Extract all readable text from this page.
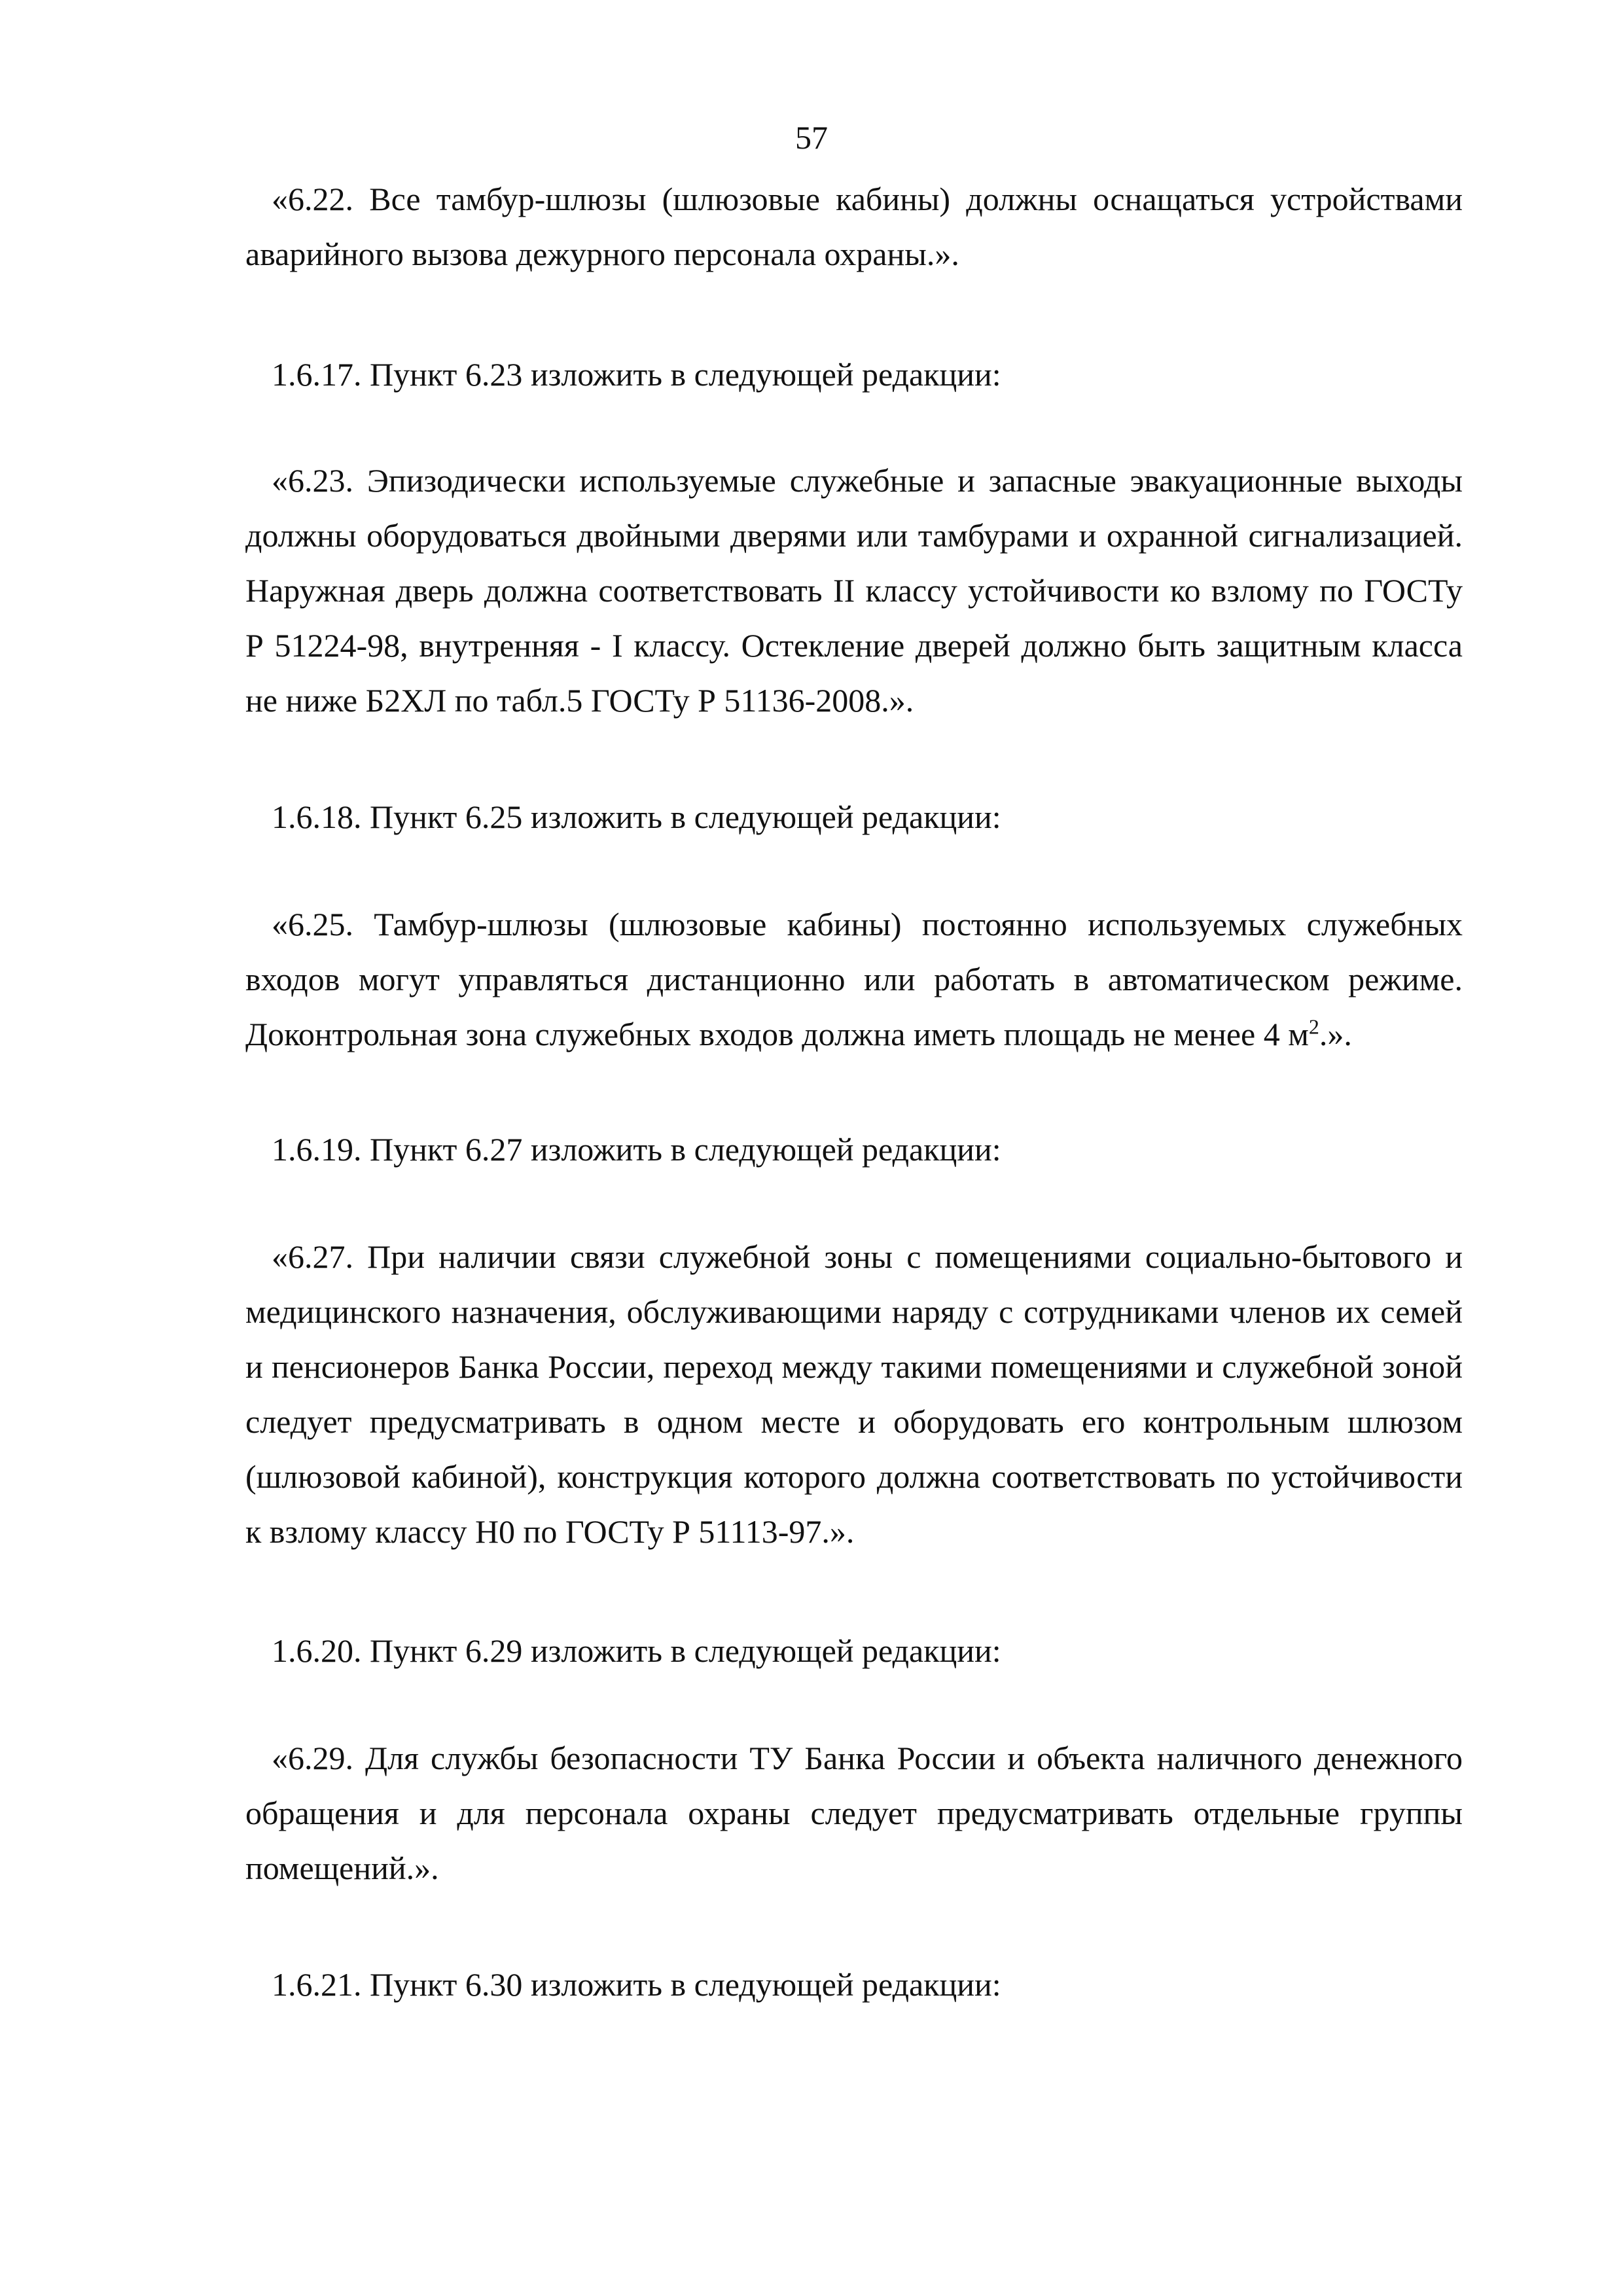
57

«6.22. Все тамбур-шлюзы (шлюзовые кабины) должны оснащаться устройствами аварийного вызова дежурного персонала охраны.».

1.6.17. Пункт 6.23 изложить в следующей редакции:

«6.23. Эпизодически используемые служебные и запасные эвакуационные выходы должны оборудоваться двойными дверями или тамбурами и охранной сигнализацией. Наружная дверь должна соответствовать II классу устойчивости ко взлому по ГОСТу Р 51224-98, внутренняя - I классу. Остекление дверей должно быть защитным класса не ниже Б2ХЛ по табл.5 ГОСТу Р 51136-2008.».

1.6.18. Пункт 6.25 изложить в следующей редакции:

«6.25. Тамбур-шлюзы (шлюзовые кабины) постоянно используемых служебных входов могут управляться дистанционно или работать в автоматическом режиме. Доконтрольная зона служебных входов должна иметь площадь не менее 4 $м^2$.».

1.6.19. Пункт 6.27 изложить в следующей редакции:

«6.27. При наличии связи служебной зоны с помещениями социально-бытового и медицинского назначения, обслуживающими наряду с сотрудниками членов их семей и пенсионеров Банка России, переход между такими помещениями и служебной зоной следует предусматривать в одном месте и оборудовать его контрольным шлюзом (шлюзовой кабиной), конструкция которого должна соответствовать по устойчивости к взлому классу Н0 по ГОСТу Р 51113-97.».

1.6.20. Пункт 6.29 изложить в следующей редакции:

«6.29. Для службы безопасности ТУ Банка России и объекта наличного денежного обращения и для персонала охраны следует предусматривать отдельные группы помещений.».

1.6.21. Пункт 6.30 изложить в следующей редакции:
